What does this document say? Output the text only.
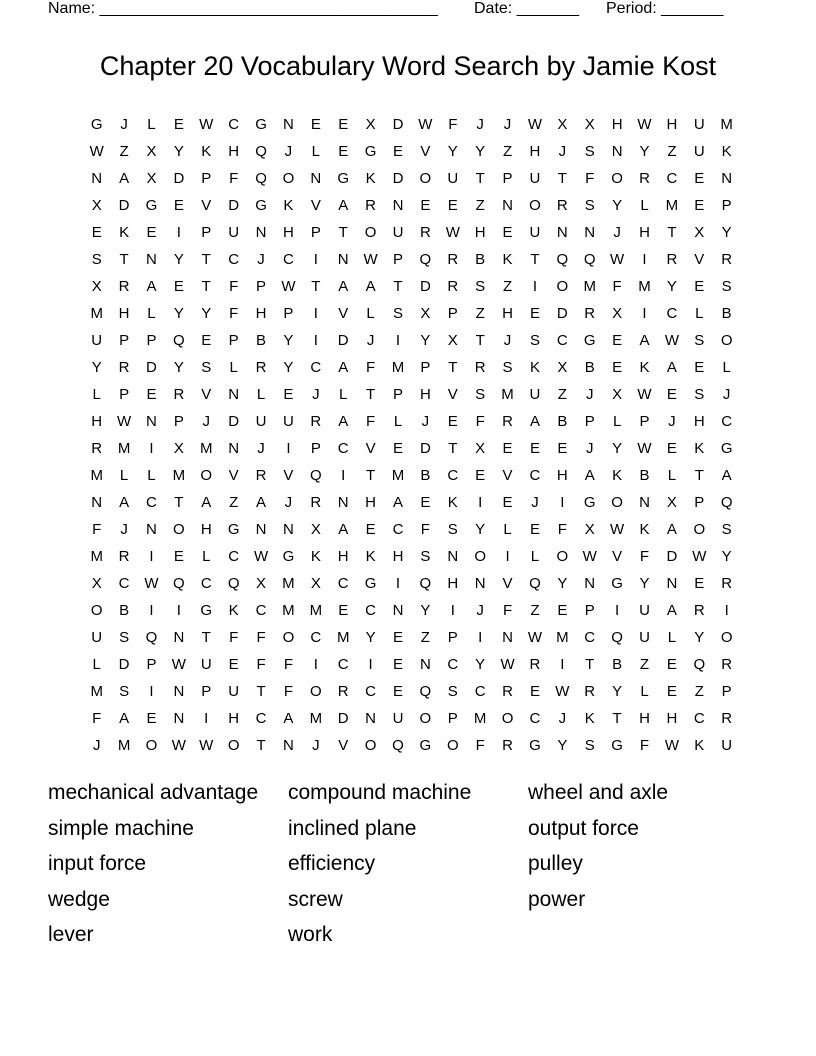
Name: ______________________________________ Date: _______ Period: _______
Chapter 20 Vocabulary Word Search by Jamie Kost
G	J	L	E	W C	G	N	E	E	X	D W	F	J	J	W	X	X	H W H	U	M
W	Z	X	Y	K	H	Q	J	L	E	G	E	V	Y	Y	Z	H	J	S	N	Y	Z	U	K
N	A	X	D	P	F	Q	O	N	G	K	D	O	U	T	P	U	T	F	O	R	C	E	N
X	D	G	E	V	D	G	K	V	A	R	N	E	E	Z	N	O	R	S	Y	L	M	E	P
E	K	E	I	P	U	N	H	P	T	O	U	R W H	E	U	N	N	J	H	T	X	Y
S	T	N	Y	T	C	J	C	I	N W	P	Q	R	B	K	T	Q	Q W	I	R	V	R
X	R	A	E	T	F	P	W	T	A	A	T	D	R	S	Z	I	O	M	F	M	Y	E	S
M	H	L	Y	Y	F	H	P	I	V	L	S	X	P	Z	H	E	D	R	X	I	C	L	B
U	P	P	Q	E	P	B	Y	I	D	J	I	Y	X	T	J	S	C	G	E	A	W	S	O
Y	R	D	Y	S	L	R	Y	C	A	F	M	P	T	R	S	K	X	B	E	K	A	E	L
L	P	E	R	V	N	L	E	J	L	T	P	H	V	S	M	U	Z	J	X	W	E	S	J
H W N	P	J	D	U	U	R	A	F	L	J	E	F	R	A	B	P	L	P	J	H	C
R	M	I	X	M	N	J	I	P	C	V	E	D	T	X	E	E	E	J	Y	W	E	K	G
M	L	L	M	O	V	R	V	Q	I	T	M	B	C	E	V	C	H	A	K	B	L	T	A
N	A	C	T	A	Z	A	J	R	N	H	A	E	K	I	E	J	I	G	O	N	X	P	Q
F	J	N	O	H	G	N	N	X	A	E	C	F	S	Y	L	E	F	X	W	K	A	O	S
M	R	I	E	L	C W G	K	H	K	H	S	N	O	I	L	O W	V	F	D W	Y
X	C W Q	C	Q	X	M	X	C	G	I	Q	H	N	V	Q	Y	N	G	Y	N	E	R
O	B	I	I	G	K	C	M M	E	C	N	Y	I	J	F	Z	E	P	I	U	A	R	I
U	S	Q	N	T	F	F	O	C	M	Y	E	Z	P	I	N W M	C	Q	U	L	Y	O
L	D	P	W U	E	F	F	I	C	I	E	N	C	Y	W R	I	T	B	Z	E	Q	R
M	S	I	N	P	U	T	F	O	R	C	E	Q	S	C	R	E	W R	Y	L	E	Z	P
F	A	E	N	I	H	C	A	M	D	N	U	O	P	M	O	C	J	K	T	H	H	C	R
J	M	O W W O	T	N	J	V	O	Q	G	O	F	R	G	Y	S	G	F	W	K	U
mechanical advantage	compound machine	wheel and axle
simple machine	inclined plane	output force
input force	efficiency	pulley
wedge	screw	power
lever	work
